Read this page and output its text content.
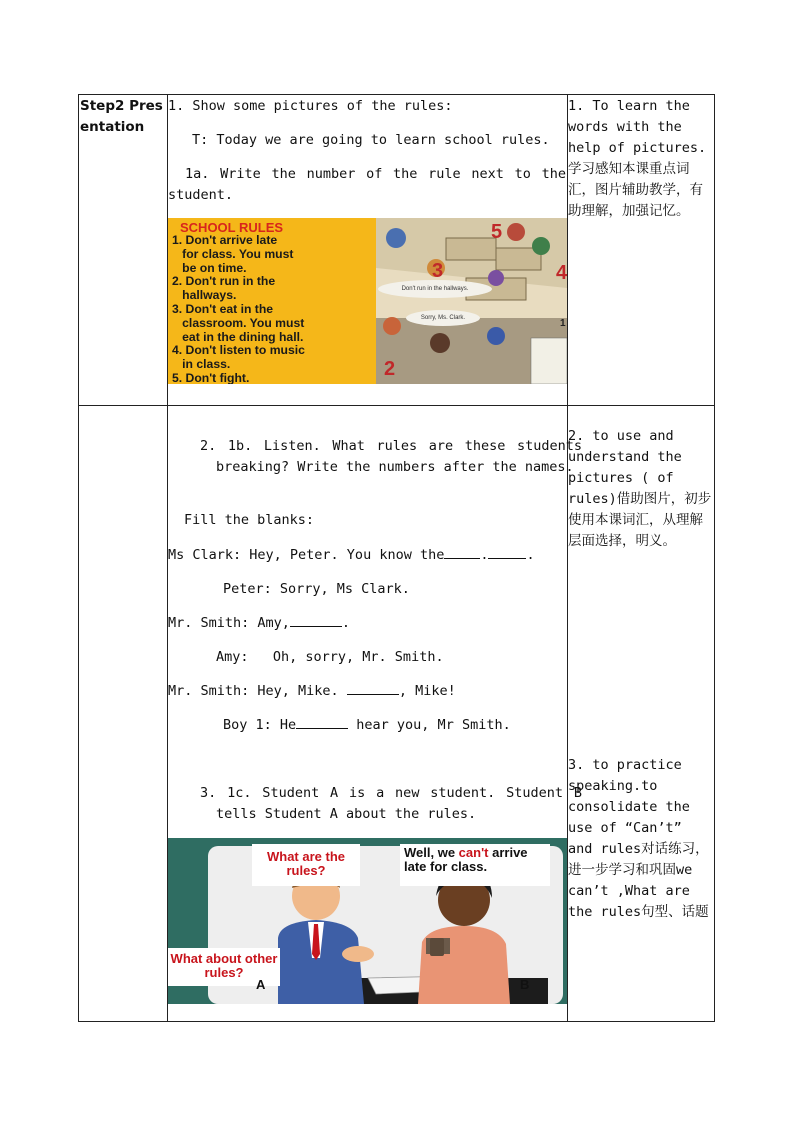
Step2 Presentation
1. Show some pictures of the rules:
T: Today we are going to learn school rules.
1a. Write the number of the rule next to the student.
SCHOOL RULES
1. Don't arrive late
for class. You must
be on time.
2. Don't run in the
hallways.
3. Don't eat in the
classroom. You must
eat in the dining hall.
4. Don't listen to music
in class.
5. Don't fight.
Don't run in the hallways.
Sorry, Ms. Clark.
5
3
2
4
1
2. 1b. Listen. What rules are these students breaking? Write the numbers after the names.
Fill the blanks:
Ms Clark: Hey, Peter. You know the	.	.
Peter: Sorry, Ms Clark.
Mr. Smith: Amy,	.
Amy:   Oh, sorry, Mr. Smith.
Mr. Smith: Hey, Mike.	, Mike!
Boy 1: He	hear you, Mr Smith.
3. 1c. Student A is a new student. Student B tells Student A about the rules.
What are the rules?
Well, we can't arrive late for class.
What about other rules?
A	B
1. To learn the words with the help of pictures.学习感知本课重点词汇，图片辅助教学，有助理解，加强记忆。
2. to use and understand the pictures ( of rules)借助图片，初步使用本课词汇，从理解层面选择，明义。
3. to practice speaking.to consolidate the use of “Can’t” and rules对话练习，进一步学习和巩固we can’t ,What are the rules句型、话题
